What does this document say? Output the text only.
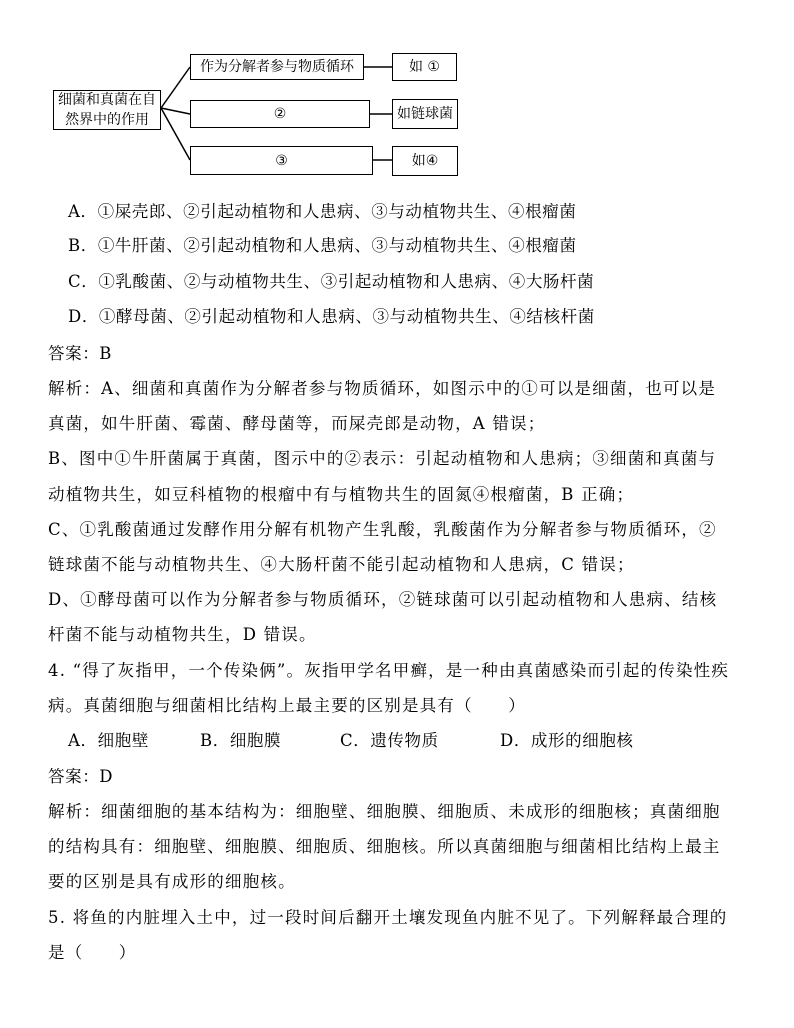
细菌和真菌在自然界中的作用
作为分解者参与物质循环	如 ①
②	如链球菌
③	如④
A．①屎壳郎、②引起动植物和人患病、③与动植物共生、④根瘤菌
B．①牛肝菌、②引起动植物和人患病、③与动植物共生、④根瘤菌
C．①乳酸菌、②与动植物共生、③引起动植物和人患病、④大肠杆菌
D．①酵母菌、②引起动植物和人患病、③与动植物共生、④结核杆菌
答案：B
解析：A、细菌和真菌作为分解者参与物质循环，如图示中的①可以是细菌，也可以是
真菌，如牛肝菌、霉菌、酵母菌等，而屎壳郎是动物，A 错误；
B、图中①牛肝菌属于真菌，图示中的②表示：引起动植物和人患病；③细菌和真菌与
动植物共生，如豆科植物的根瘤中有与植物共生的固氮④根瘤菌，B 正确；
C、①乳酸菌通过发酵作用分解有机物产生乳酸，乳酸菌作为分解者参与物质循环，②
链球菌不能与动植物共生、④大肠杆菌不能引起动植物和人患病，C 错误；
D、①酵母菌可以作为分解者参与物质循环，②链球菌可以引起动植物和人患病、结核
杆菌不能与动植物共生，D 错误。
4. “得了灰指甲，一个传染俩”。灰指甲学名甲癣，是一种由真菌感染而引起的传染性疾
病。真菌细胞与细菌相比结构上最主要的区别是具有（　　）
A．细胞壁	B．细胞膜	C．遗传物质	D．成形的细胞核
答案：D
解析：细菌细胞的基本结构为：细胞壁、细胞膜、细胞质、未成形的细胞核；真菌细胞
的结构具有：细胞壁、细胞膜、细胞质、细胞核。所以真菌细胞与细菌相比结构上最主
要的区别是具有成形的细胞核。
5. 将鱼的内脏埋入土中，过一段时间后翻开土壤发现鱼内脏不见了。下列解释最合理的
是（　　）
